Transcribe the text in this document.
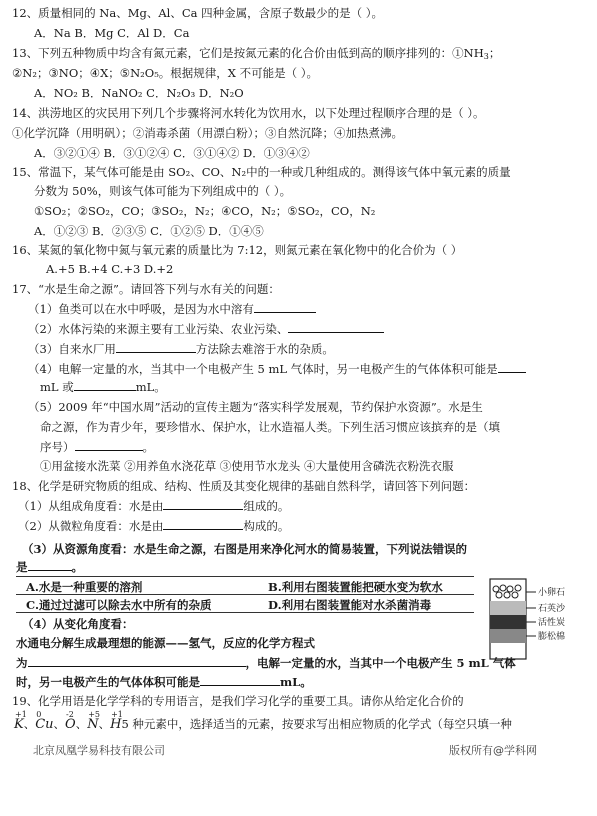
12、质量相同的 Na、Mg、Al、Ca 四种金属，含原子数最少的是（ ）。
A．Na B．Mg C．Al D．Ca
13、下列五种物质中均含有氮元素，它们是按氮元素的化合价由低到高的顺序排列的：$①NH_3$；
②N₂；③NO；④X；⑤N₂O₅。根据规律，X 不可能是（ ）。
A．NO₂ B．NaNO₂ C．N₂O₃ D．N₂O
14、洪涝地区的灾民用下列几个步骤将河水转化为饮用水，以下处理过程顺序合理的是（ ）。
①化学沉降（用明矾）；②消毒杀菌（用漂白粉）；③自然沉降；④加热煮沸。
A．③②①④ B．③①②④ C．③①④② D．①③④②
15、常温下，某气体可能是由 SO₂、CO、N₂中的一种或几种组成的。测得该气体中氧元素的质量
分数为 50%，则该气体可能为下列组成中的（ ）。
①SO₂；②SO₂，CO；③SO₂，N₂；④CO，N₂；⑤SO₂，CO，N₂
A．①②③ B．②③⑤ C．①②⑤ D．①④⑤
16、某氮的氧化物中氮与氧元素的质量比为 7:12，则氮元素在氧化物中的化合价为（ ）
A.+5 B.+4 C.+3 D.+2
17、“水是生命之源”。请回答下列与水有关的问题：
（1）鱼类可以在水中呼吸，是因为水中溶有
（2）水体污染的来源主要有工业污染、农业污染、
（3）自来水厂用	方法除去难溶于水的杂质。
（4）电解一定量的水，当其中一个电极产生 5 mL 气体时，另一电极产生的气体体积可能是
mL 或	mL。
（5）2009 年“中国水周”活动的宣传主题为“落实科学发展观，节约保护水资源”。水是生
命之源，作为青少年，要珍惜水、保护水，让水造福人类。下列生活习惯应该摈弃的是（填
序号）	。
①用盆接水洗菜 ②用养鱼水浇花草 ③使用节水龙头 ④大量使用含磷洗衣粉洗衣服
18、化学是研究物质的组成、结构、性质及其变化规律的基础自然科学，请回答下列问题：
（1）从组成角度看：水是由	组成的。
（2）从微粒角度看：水是由	构成的。
（3）从资源角度看：水是生命之源，右图是用来净化河水的简易装置，下列说法错误的
是	。
A.水是一种重要的溶剂	B.利用右图装置能把硬水变为软水
C.通过过滤可以除去水中所有的杂质	D.利用右图装置能对水杀菌消毒
（4）从变化角度看：
水通电分解生成最理想的能源——氢气，反应的化学方程式
为	，电解一定量的水，当其中一个电极产生 5 mL 气体
时，另一电极产生的气体体积可能是	mL。
19、化学用语是化学学科的专用语言，是我们学习化学的重要工具。请你从给定化合价的
+1
K、
0
Cu、
-2
O、
+5
N、
+1
H5 种元素中，选择适当的元素，按要求写出相应物质的化学式（每空只填一种
小卵石
石英沙
活性炭
膨松棉
北京凤凰学易科技有限公司	版权所有@学科网
